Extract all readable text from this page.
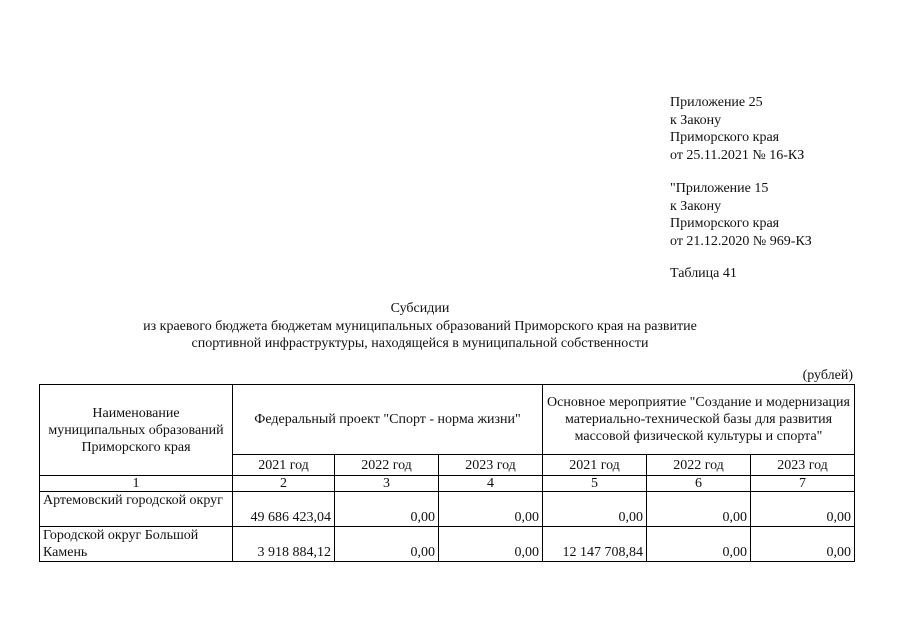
Приложение 25
к Закону
Приморского края
от 25.11.2021 № 16-КЗ
"Приложение 15
к Закону
Приморского края
от 21.12.2020 № 969-КЗ
Таблица 41
Субсидии
из краевого бюджета бюджетам муниципальных образований Приморского края на развитие
спортивной инфраструктуры, находящейся в муниципальной собственности
(рублей)
Наименование муниципальных образований Приморского края	Федеральный проект "Спорт - норма жизни"			Основное мероприятие "Создание и модернизация материально-технической базы для развития массовой физической культуры и спорта"		
	2021 год	2022 год	2023 год	2021 год	2022 год	2023 год
1	2	3	4	5	6	7
Артемовский городской округ	49 686 423,04	0,00	0,00	0,00	0,00	0,00
Городской округ Большой Камень	3 918 884,12	0,00	0,00	12 147 708,84	0,00	0,00
